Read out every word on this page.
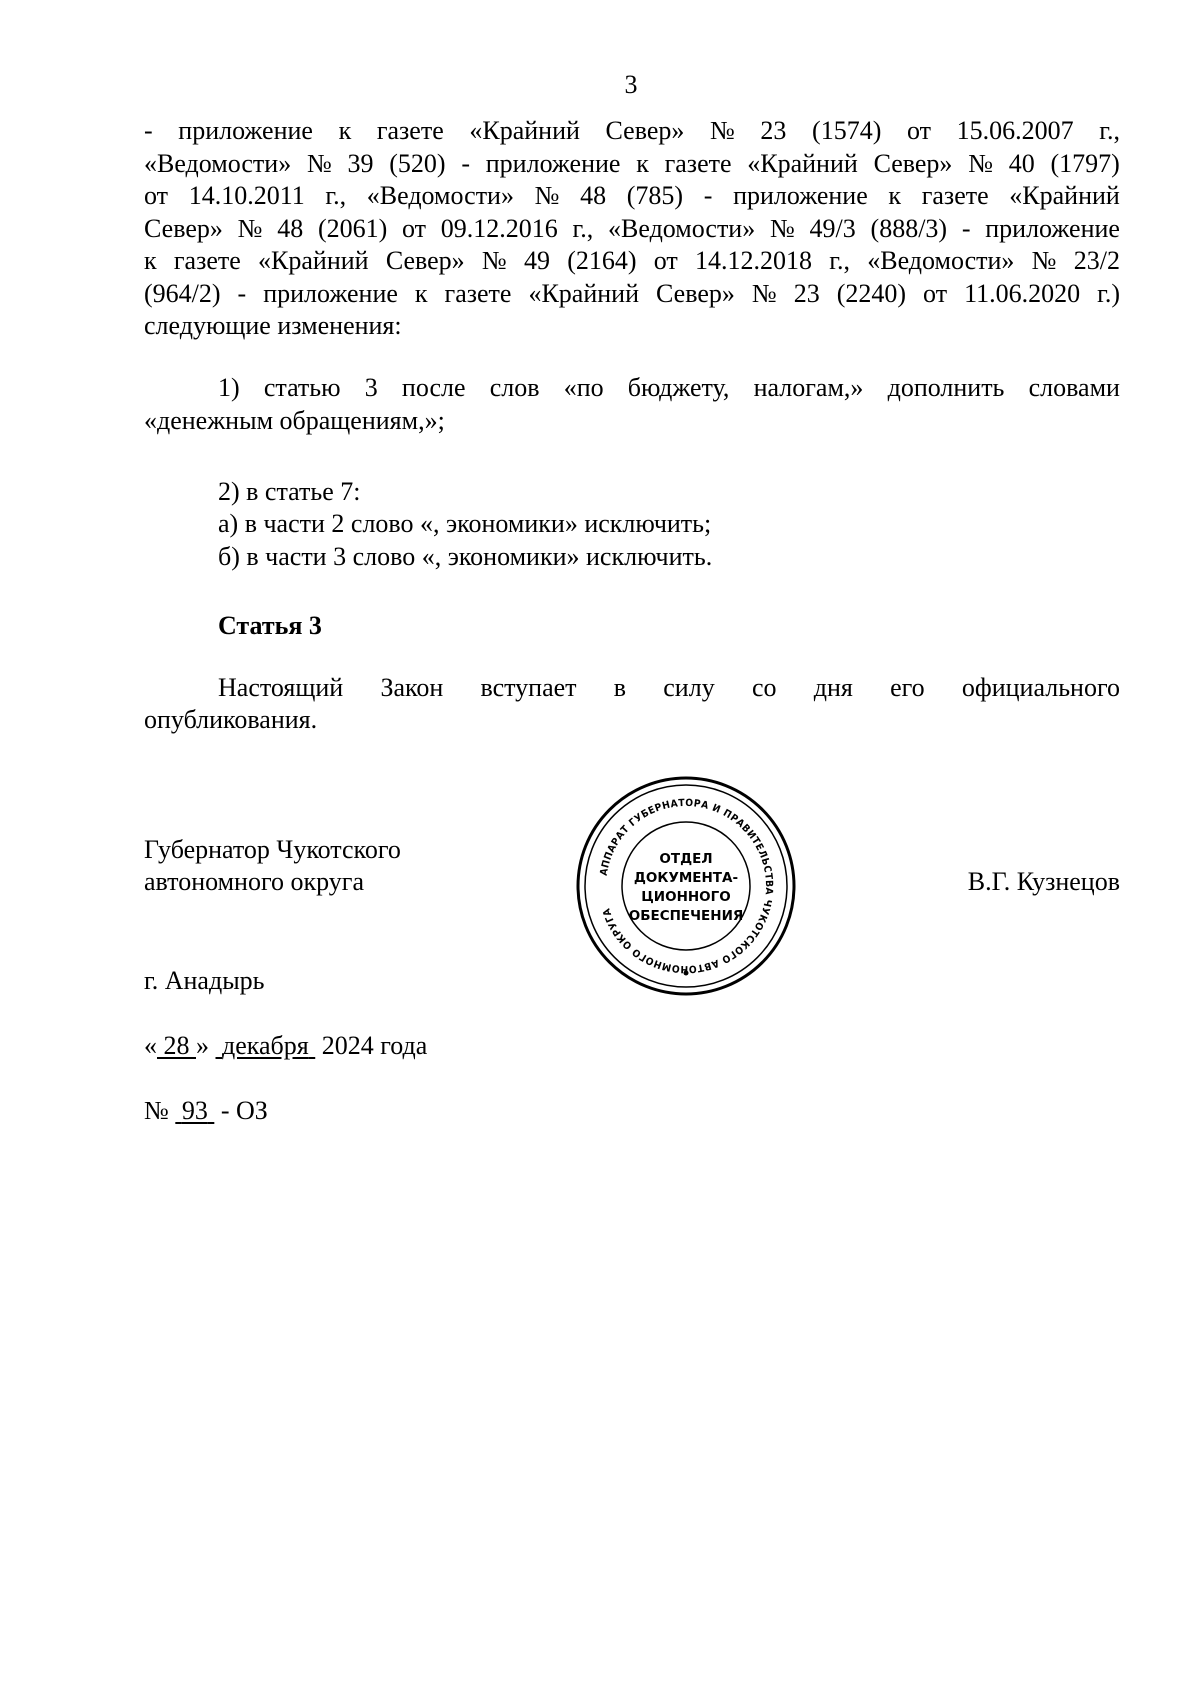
3
- приложение к газете «Крайний Север» № 23 (1574) от 15.06.2007 г.,
«Ведомости» № 39 (520) - приложение к газете «Крайний Север» № 40 (1797)
от 14.10.2011 г., «Ведомости» № 48 (785) - приложение к газете «Крайний
Север» № 48 (2061) от 09.12.2016 г., «Ведомости» № 49/3 (888/3) - приложение
к газете «Крайний Север» № 49 (2164) от 14.12.2018 г., «Ведомости» № 23/2
(964/2) - приложение к газете «Крайний Север» № 23 (2240) от 11.06.2020 г.)
следующие изменения:
1) статью 3 после слов «по бюджету, налогам,» дополнить словами
«денежным обращениям,»;
2) в статье 7:
а) в части 2 слово «, экономики» исключить;
б) в части 3 слово «, экономики» исключить.
Статья 3
Настоящий Закон вступает в силу со дня его официального
опубликования.
Губернатор Чукотского
автономного округа	В.Г. Кузнецов
АППАРАТ ГУБЕРНАТОРА И ПРАВИТЕЛЬСТВА ЧУКОТСКОГО АВТОНОМНОГО ОКРУГА
ОТДЕЛ
ДОКУМЕНТА-
ЦИОННОГО
ОБЕСПЕЧЕНИЯ
г. Анадырь
« 28 » декабря 2024 года
№ 93 - ОЗ
